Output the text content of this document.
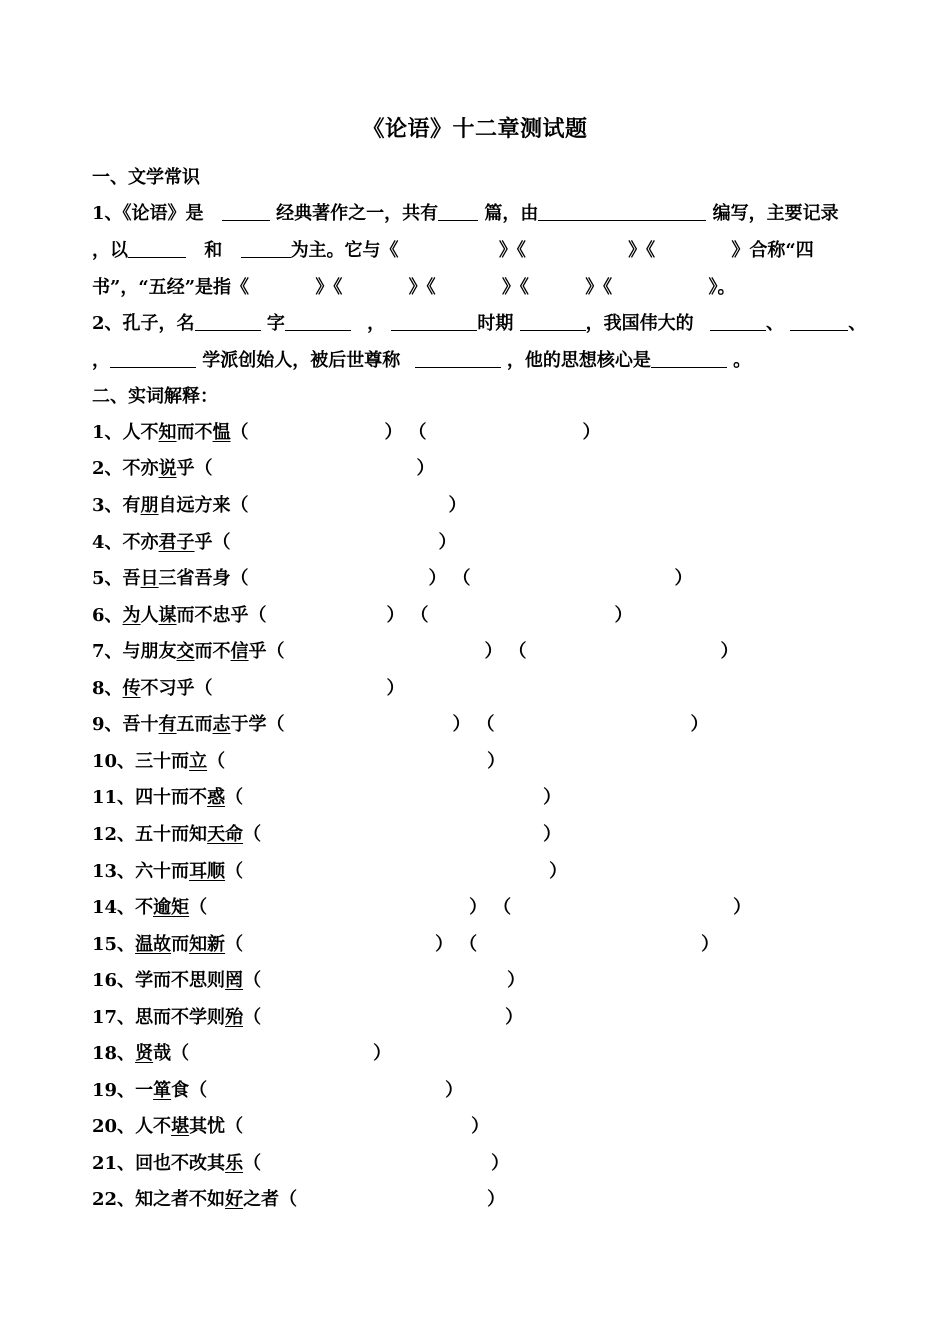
《论语》十二章测试题
一、文学常识
1、《论语》是	经典著作之一，共有	篇，由	编写，主要记录
，以	和	为主。它与《	》《	》《	》合称“四
书”，“五经”是指《	》《	》《	》《	》《	》。
2、孔子，名	字	，	时期	，我国伟大的	、	、
，	学派创始人，被后世尊称	，他的思想核心是	。
二、实词解释：
1、人不知而不愠（	） （	）
2、不亦说乎（	）
3、有朋自远方来（	）
4、不亦君子乎（	）
5、吾日三省吾身（	） （	）
6、为人谋而不忠乎（	） （	）
7、与朋友交而不信乎（	） （	）
8、传不习乎（	）
9、吾十有五而志于学（	） （	）
10、三十而立（	）
11、四十而不惑（	）
12、五十而知天命（	）
13、六十而耳顺（	）
14、不逾矩（	） （	）
15、温故而知新（	） （	）
16、学而不思则罔（	）
17、思而不学则殆（	）
18、贤哉（	）
19、一箪食（	）
20、人不堪其忧（	）
21、回也不改其乐（	）
22、知之者不如好之者（	）
